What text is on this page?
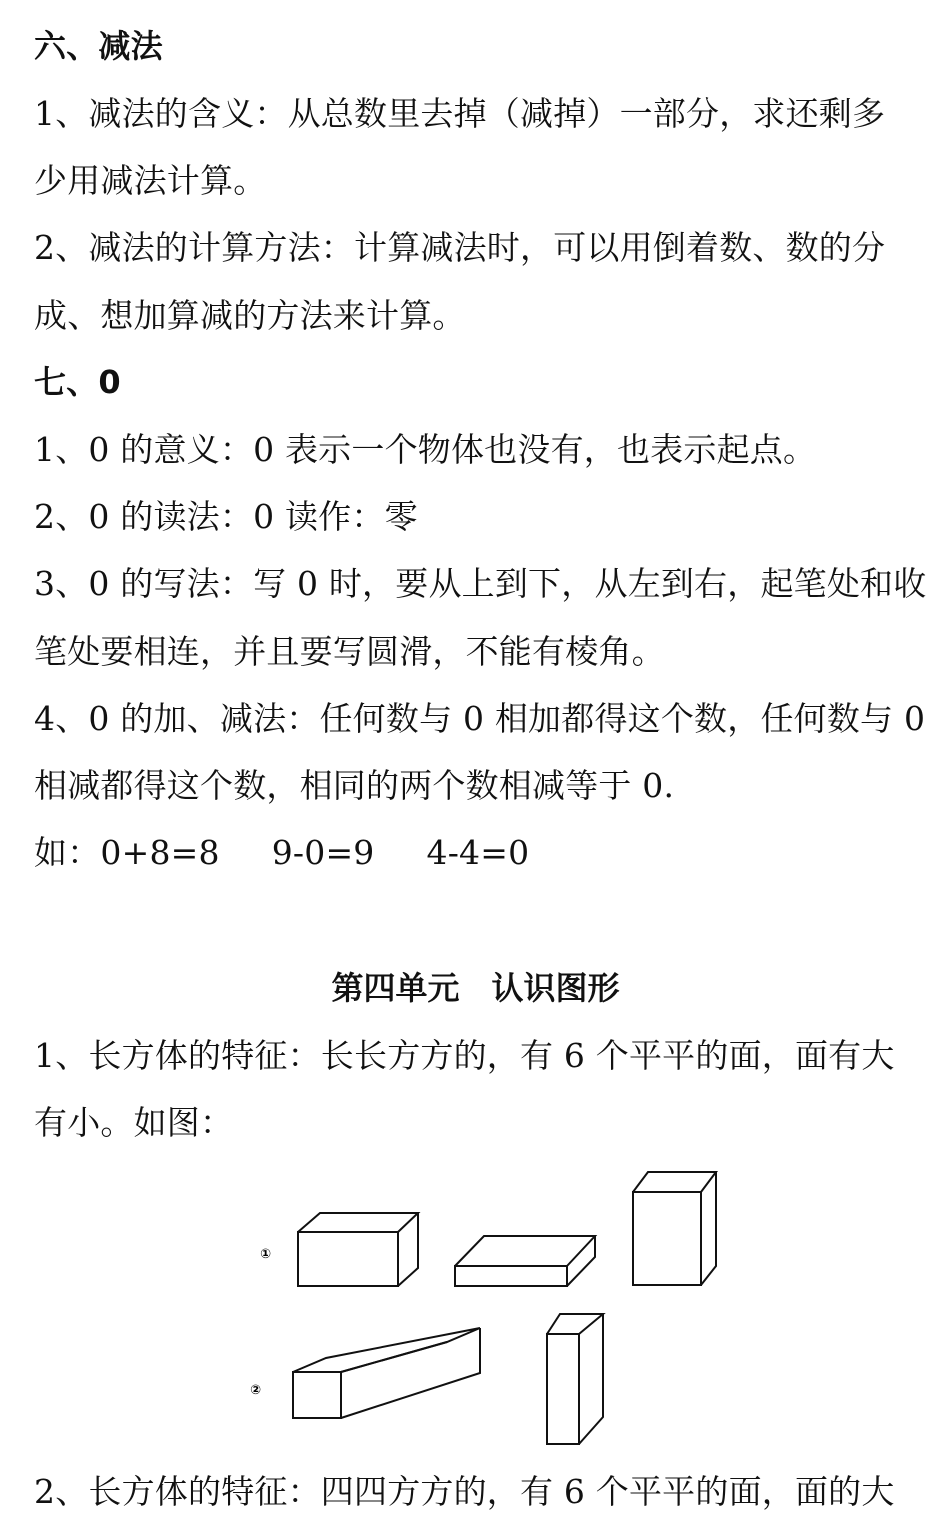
六、减法
1、减法的含义：从总数里去掉（减掉）一部分，求还剩多
少用减法计算。
2、减法的计算方法：计算减法时，可以用倒着数、数的分
成、想加算减的方法来计算。
七、0
1、0 的意义：0 表示一个物体也没有，也表示起点。
2、0 的读法：0 读作：零
3、0 的写法：写 0 时，要从上到下，从左到右，起笔处和收
笔处要相连，并且要写圆滑，不能有棱角。
4、0 的加、减法：任何数与 0 相加都得这个数，任何数与 0
相减都得这个数，相同的两个数相减等于 0.
如：0+8=8 9-0=9 4-4=0
第四单元　认识图形
1、长方体的特征：长长方方的，有 6 个平平的面，面有大
有小。如图：
①
②
2、长方体的特征：四四方方的，有 6 个平平的面，面的大
